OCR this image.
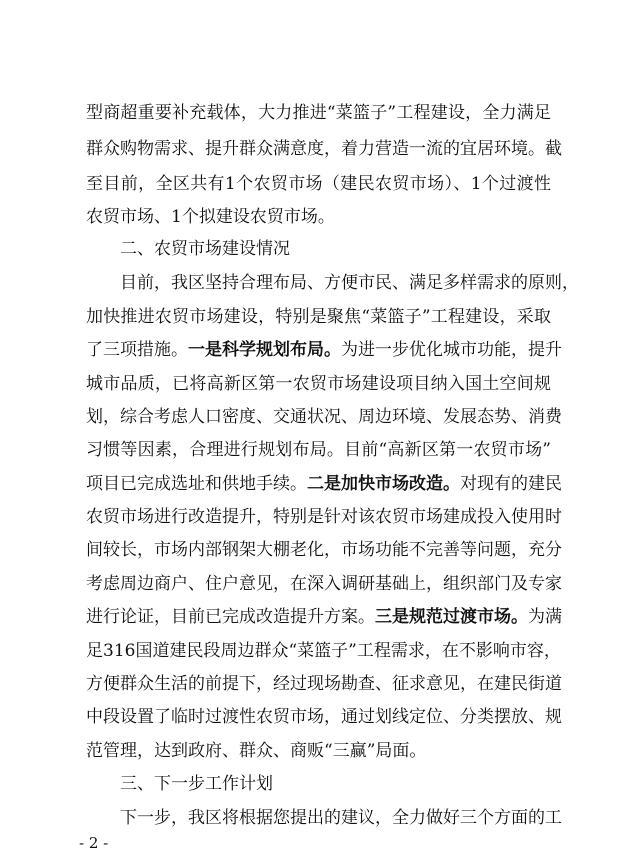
型商超重要补充载体，大力推进“菜篮子”工程建设，全力满足
群众购物需求、提升群众满意度，着力营造一流的宜居环境。截
至目前，全区共有1个农贸市场（建民农贸市场）、1个过渡性
农贸市场、1个拟建设农贸市场。
二、农贸市场建设情况
目前，我区坚持合理布局、方便市民、满足多样需求的原则，
加快推进农贸市场建设，特别是聚焦“菜篮子”工程建设，采取
了三项措施。一是科学规划布局。为进一步优化城市功能，提升
城市品质，已将高新区第一农贸市场建设项目纳入国土空间规
划，综合考虑人口密度、交通状况、周边环境、发展态势、消费
习惯等因素，合理进行规划布局。目前“高新区第一农贸市场”
项目已完成选址和供地手续。二是加快市场改造。对现有的建民
农贸市场进行改造提升，特别是针对该农贸市场建成投入使用时
间较长，市场内部钢架大棚老化，市场功能不完善等问题，充分
考虑周边商户、住户意见，在深入调研基础上，组织部门及专家
进行论证，目前已完成改造提升方案。三是规范过渡市场。为满
足316国道建民段周边群众“菜篮子”工程需求，在不影响市容，
方便群众生活的前提下，经过现场勘查、征求意见，在建民街道
中段设置了临时过渡性农贸市场，通过划线定位、分类摆放、规
范管理，达到政府、群众、商贩“三赢”局面。
三、下一步工作计划
下一步，我区将根据您提出的建议，全力做好三个方面的工
- 2 -
